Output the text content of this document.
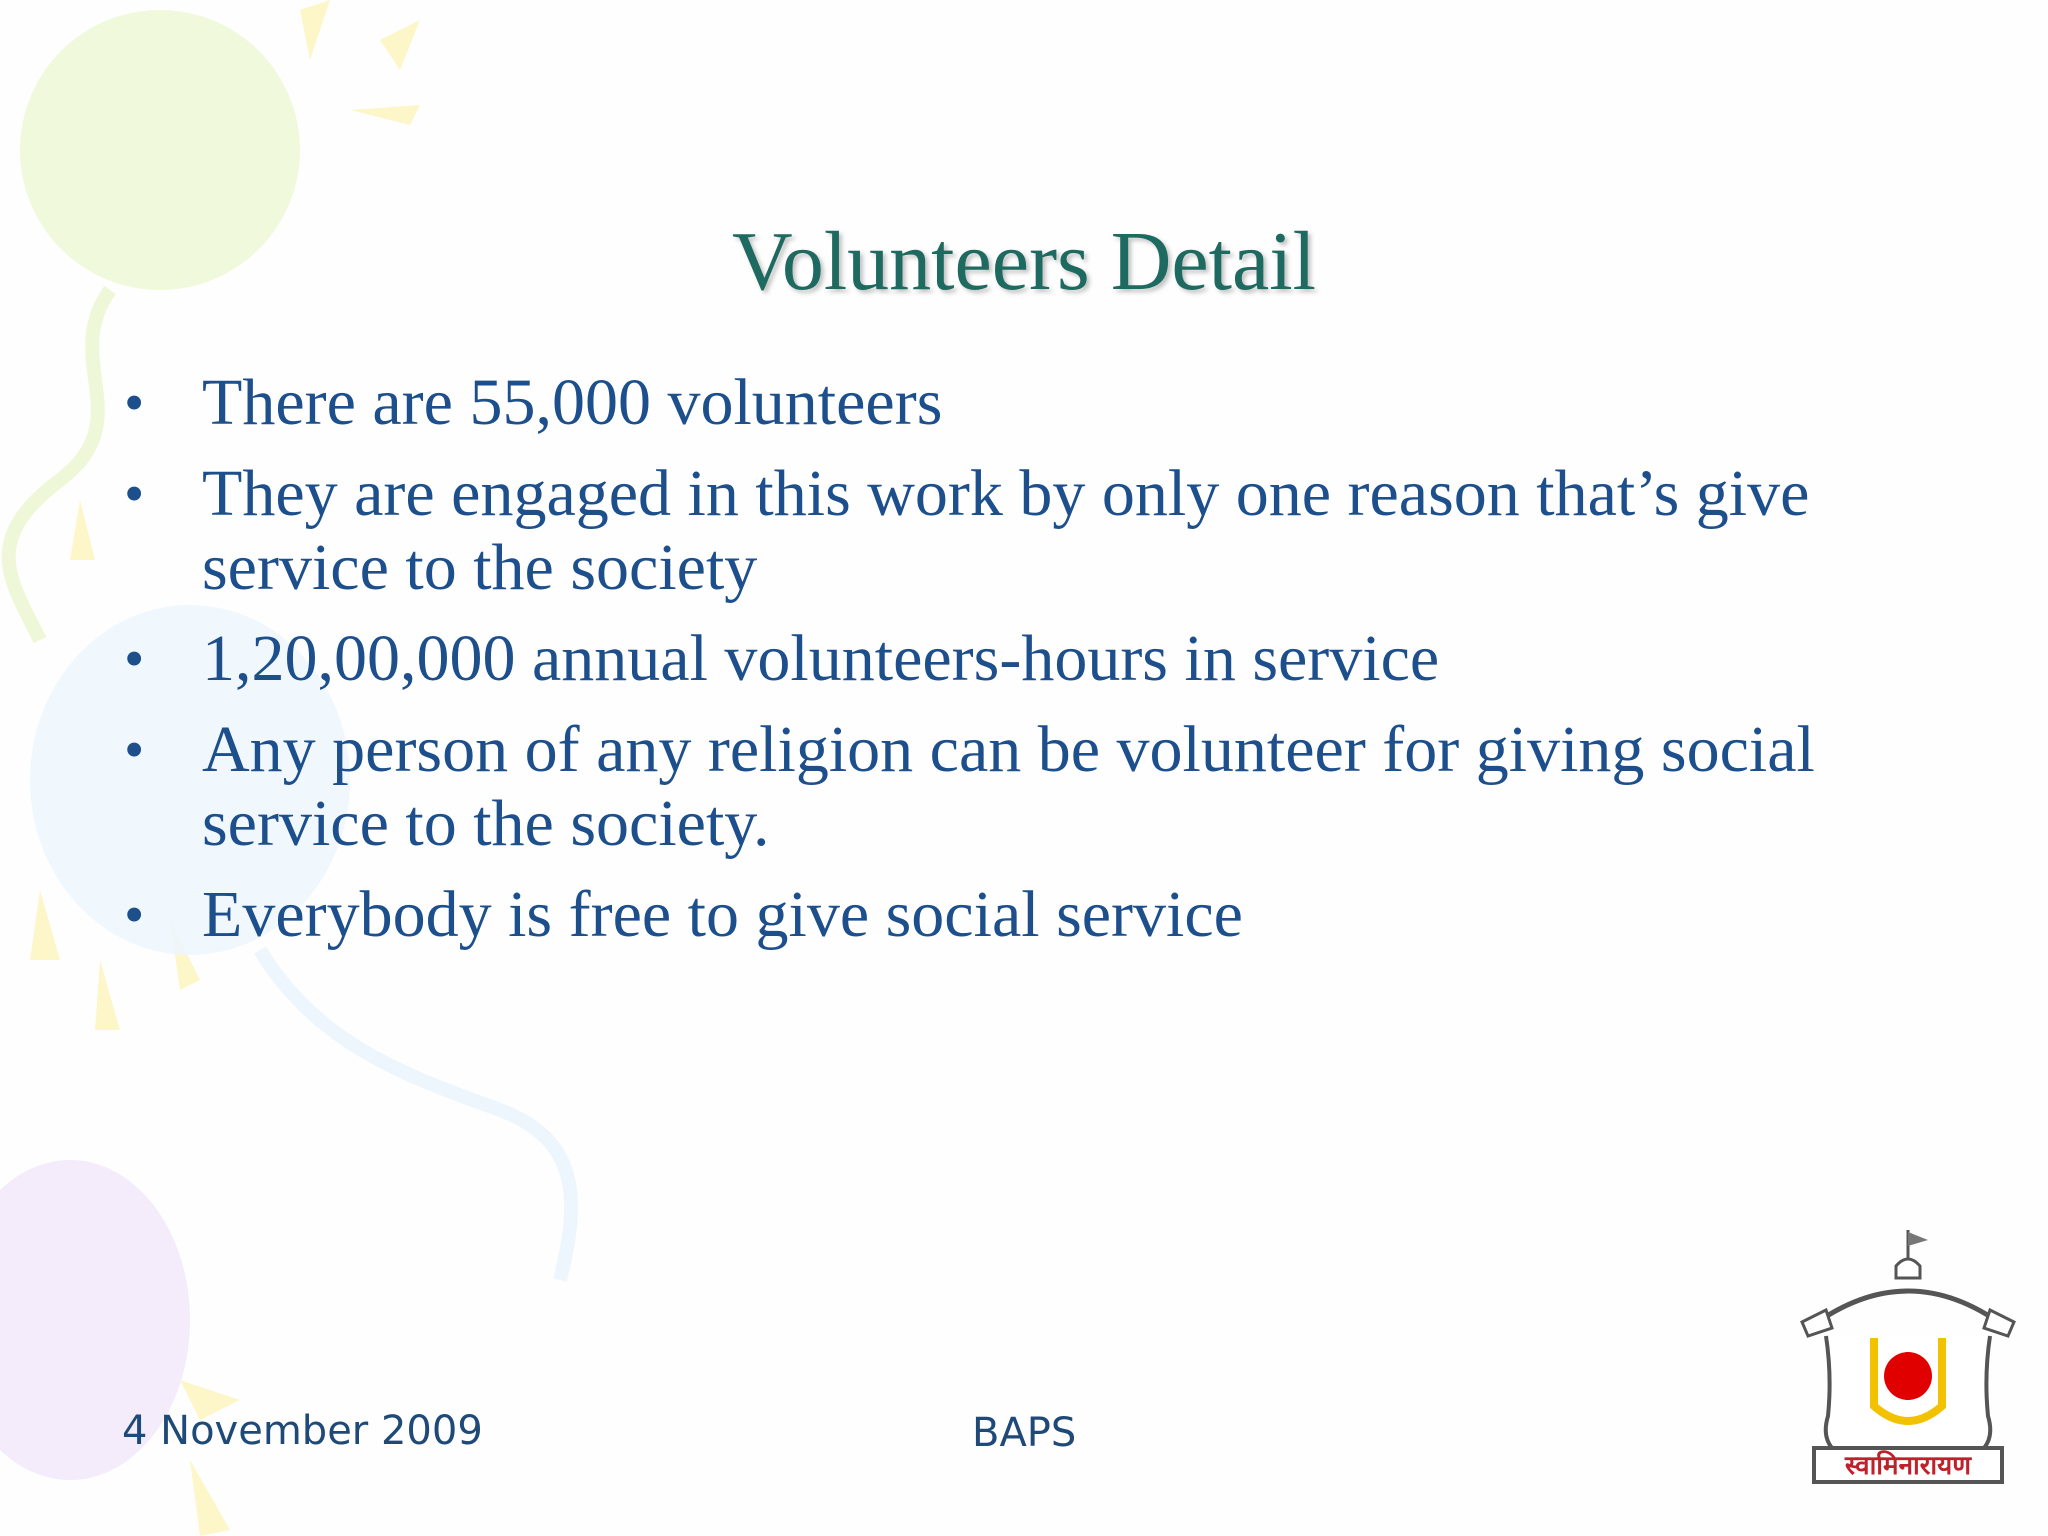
Volunteers Detail
• There are 55,000 volunteers
• They are engaged in this work by only one reason that’s give service to the society
• 1,20,00,000 annual volunteers-hours in service
• Any person of any religion can be volunteer for giving social service to the society.
• Everybody is free to give social service
4 November 2009	BAPS
स्वामिनारायण
